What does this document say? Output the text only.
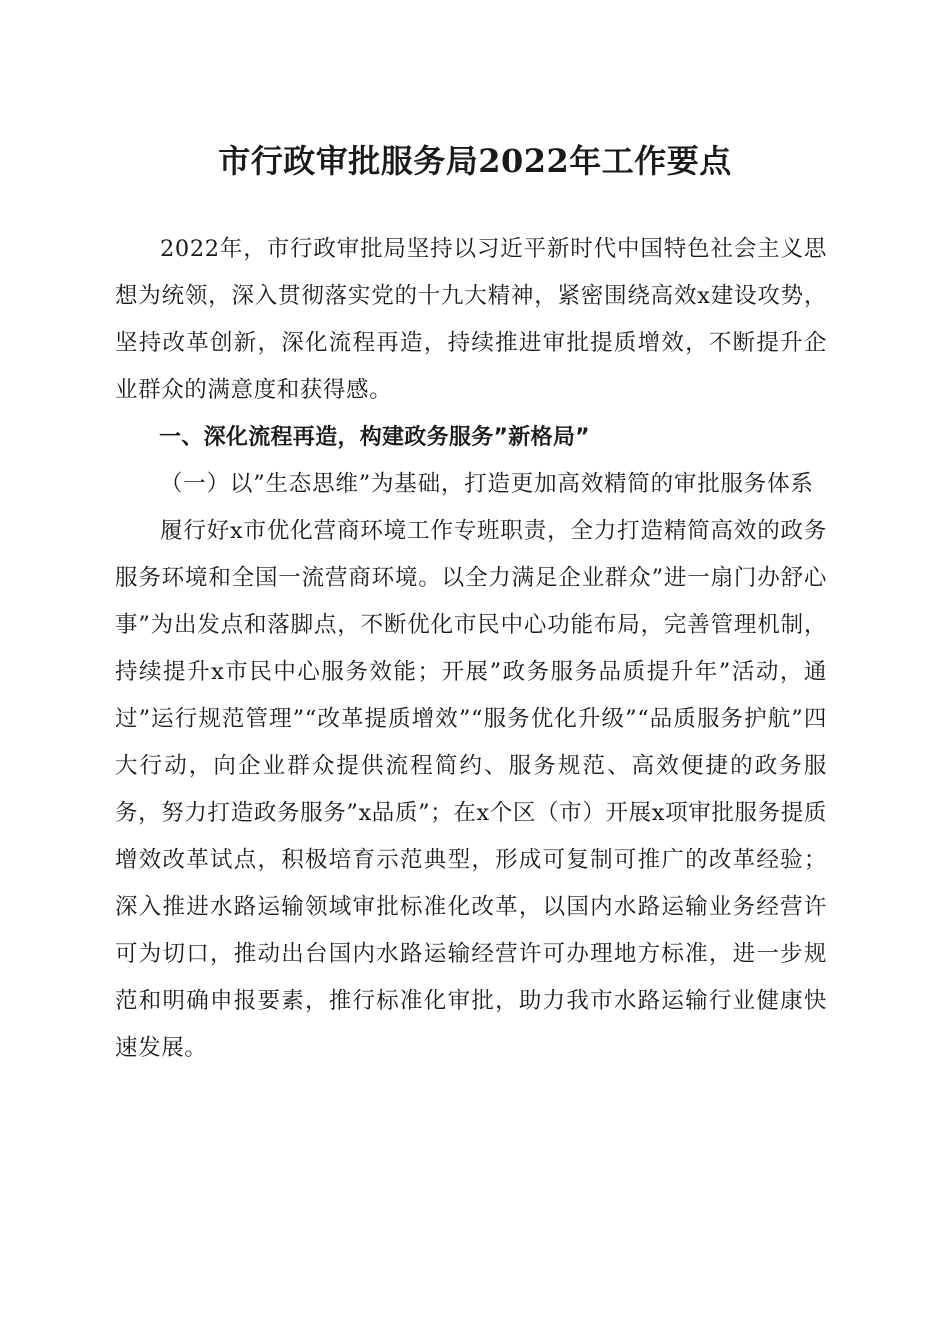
市行政审批服务局2022年工作要点

2022年，市行政审批局坚持以习近平新时代中国特色社会主义思想为统领，深入贯彻落实党的十九大精神，紧密围绕高效x建设攻势，坚持改革创新，深化流程再造，持续推进审批提质增效，不断提升企业群众的满意度和获得感。

一、深化流程再造，构建政务服务”新格局”

（一）以”生态思维”为基础，打造更加高效精简的审批服务体系

履行好x市优化营商环境工作专班职责，全力打造精简高效的政务服务环境和全国一流营商环境。以全力满足企业群众”进一扇门办舒心事”为出发点和落脚点，不断优化市民中心功能布局，完善管理机制，持续提升x市民中心服务效能；开展”政务服务品质提升年”活动，通过”运行规范管理”“改革提质增效”“服务优化升级”“品质服务护航”四大行动，向企业群众提供流程简约、服务规范、高效便捷的政务服务，努力打造政务服务”x品质”；在x个区（市）开展x项审批服务提质增效改革试点，积极培育示范典型，形成可复制可推广的改革经验；深入推进水路运输领域审批标准化改革，以国内水路运输业务经营许可为切口，推动出台国内水路运输经营许可办理地方标准，进一步规范和明确申报要素，推行标准化审批，助力我市水路运输行业健康快速发展。
